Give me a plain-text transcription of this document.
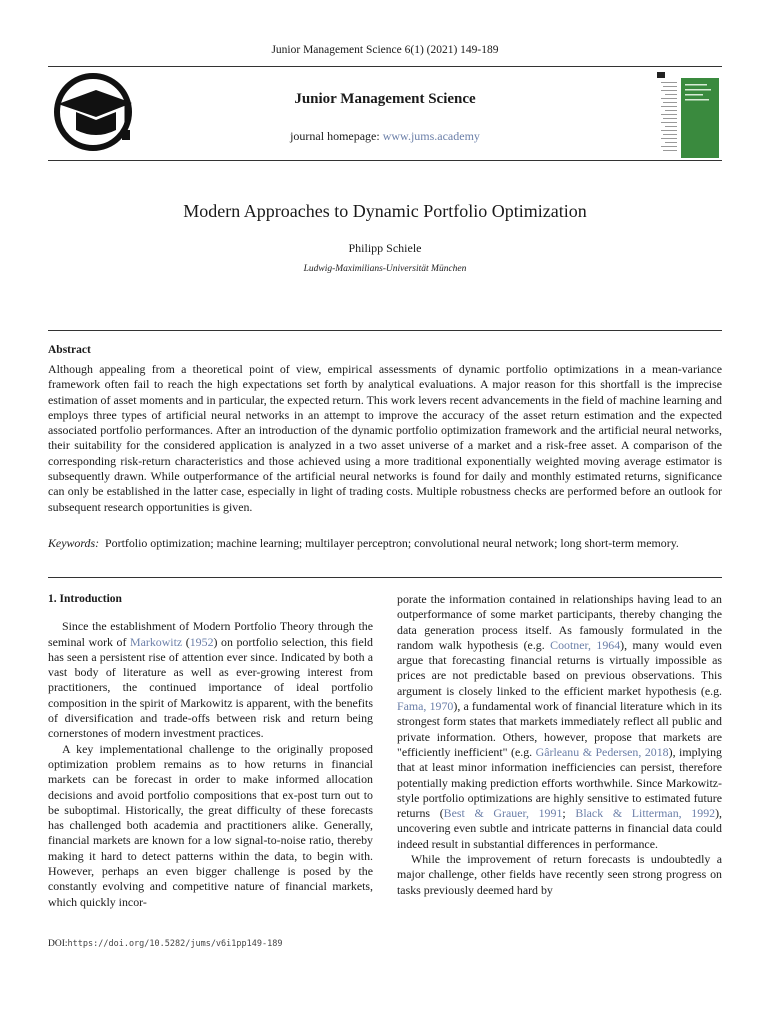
Junior Management Science 6(1) (2021) 149-189
Junior Management Science
journal homepage: www.jums.academy
Modern Approaches to Dynamic Portfolio Optimization
Philipp Schiele
Ludwig-Maximilians-Universität München
Abstract
Although appealing from a theoretical point of view, empirical assessments of dynamic portfolio optimizations in a mean-variance framework often fail to reach the high expectations set forth by analytical evaluations. A major reason for this shortfall is the imprecise estimation of asset moments and in particular, the expected return. This work levers recent advancements in the field of machine learning and employs three types of artificial neural networks in an attempt to improve the accuracy of the asset return estimation and the expected associated portfolio performances. After an introduction of the dynamic portfolio optimization framework and the artificial neural networks, their suitability for the considered application is analyzed in a two asset universe of a market and a risk-free asset. A comparison of the corresponding risk-return characteristics and those achieved using a more traditional exponentially weighted moving average estimator is subsequently drawn. While outperformance of the artificial neural networks is found for daily and monthly estimated returns, significance can only be established in the latter case, especially in light of trading costs. Multiple robustness checks are performed before an outlook for subsequent research opportunities is given.
Keywords: Portfolio optimization; machine learning; multilayer perceptron; convolutional neural network; long short-term memory.
1. Introduction

Since the establishment of Modern Portfolio Theory through the seminal work of Markowitz (1952) on portfolio selection, this field has seen a persistent rise of attention ever since. Indicated by both a vast body of literature as well as ever-growing interest from practitioners, the continued importance of ideal portfolio composition in the spirit of Markowitz is apparent, with the benefits of diversification and trade-offs between risk and return being cornerstones of modern investment practices.

A key implementational challenge to the originally proposed optimization problem remains as to how returns in financial markets can be forecast in order to make informed allocation decisions and avoid portfolio compositions that ex-post turn out to be suboptimal. Historically, the great difficulty of these forecasts has challenged both academia and practitioners alike. Generally, financial markets are known for a low signal-to-noise ratio, thereby making it hard to detect patterns within the data, to begin with. However, perhaps an even bigger challenge is posed by the constantly evolving and competitive nature of financial markets, which quickly incor-

porate the information contained in relationships having lead to an outperformance of some market participants, thereby changing the data generation process itself. As famously formulated in the random walk hypothesis (e.g. Cootner, 1964), many would even argue that forecasting financial returns is virtually impossible as prices are not predictable based on previous observations. This argument is closely linked to the efficient market hypothesis (e.g. Fama, 1970), a fundamental work of financial literature which in its strongest form states that markets immediately reflect all public and private information. Others, however, propose that markets are "efficiently inefficient" (e.g. Gârleanu & Pedersen, 2018), implying that at least minor information inefficiencies can persist, therefore potentially making prediction efforts worthwhile. Since Markowitz-style portfolio optimizations are highly sensitive to estimated future returns (Best & Grauer, 1991; Black & Litterman, 1992), uncovering even subtle and intricate patterns in financial data could indeed result in substantial differences in performance.

While the improvement of return forecasts is undoubtedly a major challenge, other fields have recently seen strong progress on tasks previously deemed hard by

DOI:https://doi.org/10.5282/jums/v6i1pp149-189
